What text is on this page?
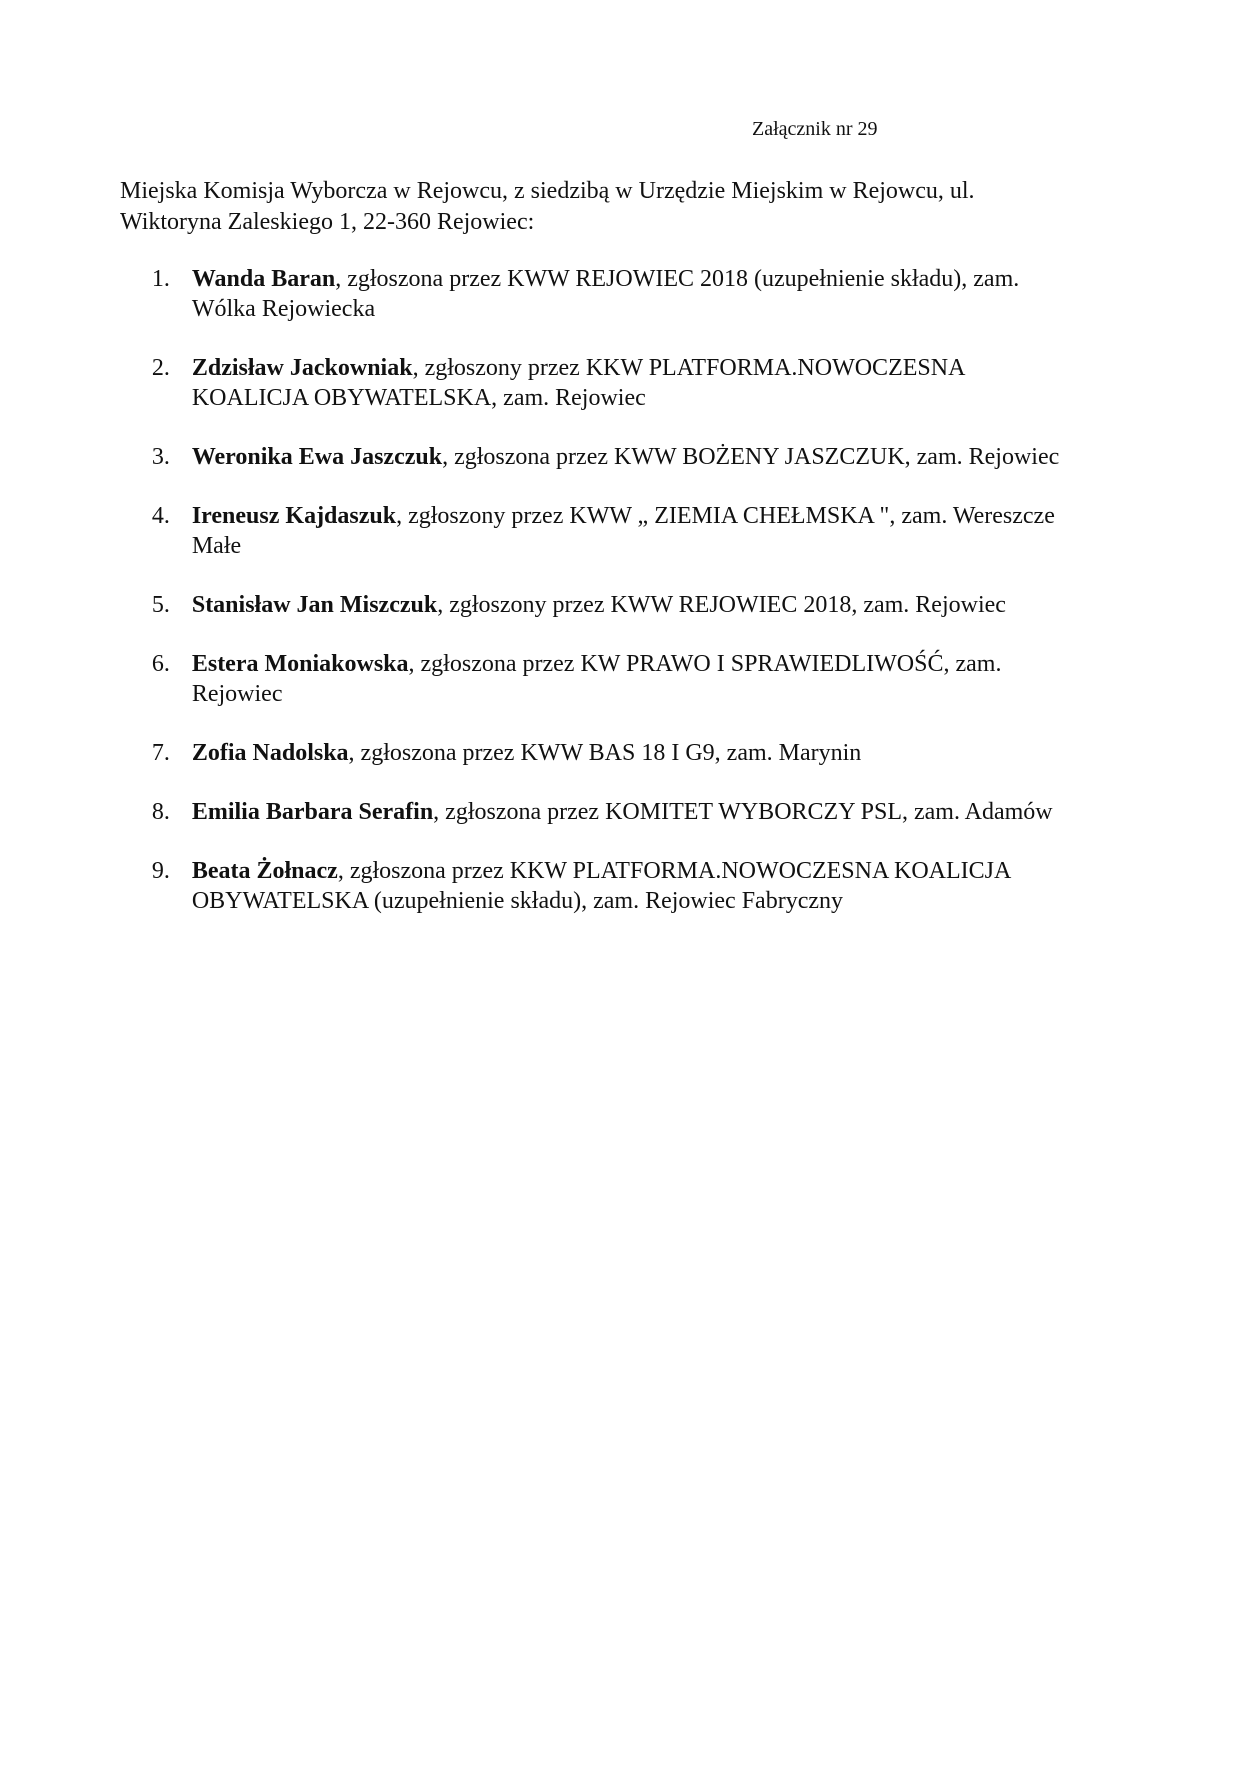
Załącznik nr 29
Miejska Komisja Wyborcza w Rejowcu, z siedzibą w Urzędzie Miejskim w Rejowcu, ul. Wiktoryna Zaleskiego 1, 22-360 Rejowiec:
1. Wanda Baran, zgłoszona przez KWW REJOWIEC 2018 (uzupełnienie składu), zam. Wólka Rejowiecka
2. Zdzisław Jackowniak, zgłoszony przez KKW PLATFORMA.NOWOCZESNA KOALICJA OBYWATELSKA, zam. Rejowiec
3. Weronika Ewa Jaszczuk, zgłoszona przez KWW BOŻENY JASZCZUK, zam. Rejowiec
4. Ireneusz Kajdaszuk, zgłoszony przez KWW „ ZIEMIA CHEŁMSKA ", zam. Wereszcze Małe
5. Stanisław Jan Miszczuk, zgłoszony przez KWW REJOWIEC 2018, zam. Rejowiec
6. Estera Moniakowska, zgłoszona przez KW PRAWO I SPRAWIEDLIWOŚĆ, zam. Rejowiec
7. Zofia Nadolska, zgłoszona przez KWW BAS 18 I G9, zam. Marynin
8. Emilia Barbara Serafin, zgłoszona przez KOMITET WYBORCZY PSL, zam. Adamów
9. Beata Żołnacz, zgłoszona przez KKW PLATFORMA.NOWOCZESNA KOALICJA OBYWATELSKA (uzupełnienie składu), zam. Rejowiec Fabryczny
